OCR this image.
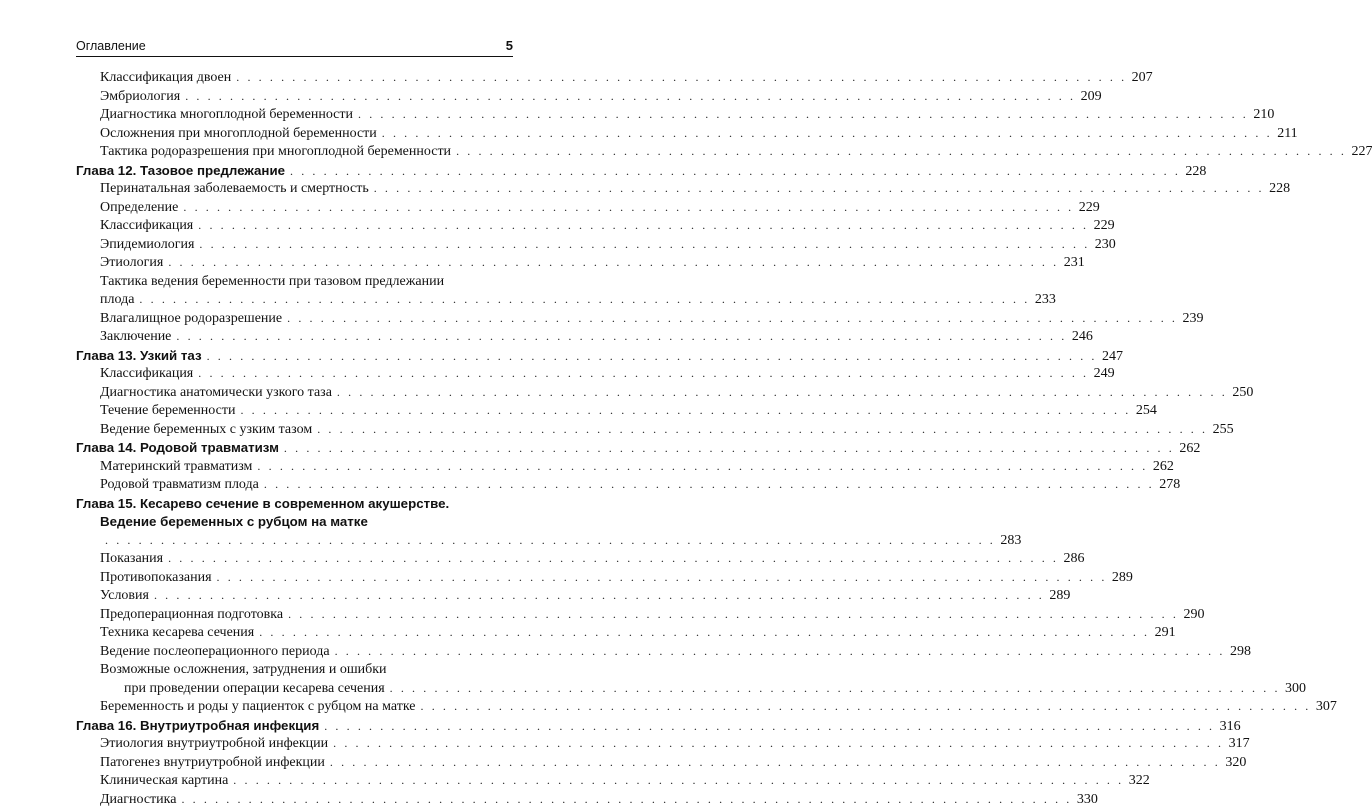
Оглавление	5
Классификация двоен . . . . . . . . . . . . . . . . . . . . . . . . . . . . . . . . . . . . . . . . . . . . . . . . . . . . . . . . . . . . . . . . . . . . . . . . . . . . . . . . 207
Эмбриология . . . . . . . . . . . . . . . . . . . . . . . . . . . . . . . . . . . . . . . . . . . . . . . . . . . . . . . . . . . . . . . . . . . . . . . . . . . . . . . . 209
Диагностика многоплодной беременности . . . . . . . . . . . . . . . . . . . . . . . . . . . . . . . . . . . . . . . . . . . . . . . . . . . . . . . . . . . . . . . . . . . . . . . . . . . . . . . . 210
Осложнения при многоплодной беременности . . . . . . . . . . . . . . . . . . . . . . . . . . . . . . . . . . . . . . . . . . . . . . . . . . . . . . . . . . . . . . . . . . . . . . . . . . . . . . . . 211
Тактика родоразрешения при многоплодной беременности . . . . . . . . . . . . . . . . . . . . . . . . . . . . . . . . . . . . . . . . . . . . . . . . . . . . . . . . . . . . . . . . . . . . . . . . . . . . . . . . 227
Глава 12. Тазовое предлежание . . . . . . . . . . . . . . . . . . . . . . . . . . . . . . . . . . . . . . . . . . . . . . . . . . . . . . . . . . . . . . . . . . . . . . . . . . . . . . . . 228
Перинатальная заболеваемость и смертность . . . . . . . . . . . . . . . . . . . . . . . . . . . . . . . . . . . . . . . . . . . . . . . . . . . . . . . . . . . . . . . . . . . . . . . . . . . . . . . . 228
Определение . . . . . . . . . . . . . . . . . . . . . . . . . . . . . . . . . . . . . . . . . . . . . . . . . . . . . . . . . . . . . . . . . . . . . . . . . . . . . . . . 229
Классификация . . . . . . . . . . . . . . . . . . . . . . . . . . . . . . . . . . . . . . . . . . . . . . . . . . . . . . . . . . . . . . . . . . . . . . . . . . . . . . . . 229
Эпидемиология . . . . . . . . . . . . . . . . . . . . . . . . . . . . . . . . . . . . . . . . . . . . . . . . . . . . . . . . . . . . . . . . . . . . . . . . . . . . . . . . 230
Этиология . . . . . . . . . . . . . . . . . . . . . . . . . . . . . . . . . . . . . . . . . . . . . . . . . . . . . . . . . . . . . . . . . . . . . . . . . . . . . . . . 231
Тактика ведения беременности при тазовом предлежании
плода . . . . . . . . . . . . . . . . . . . . . . . . . . . . . . . . . . . . . . . . . . . . . . . . . . . . . . . . . . . . . . . . . . . . . . . . . . . . . . . . 233
Влагалищное родоразрешение . . . . . . . . . . . . . . . . . . . . . . . . . . . . . . . . . . . . . . . . . . . . . . . . . . . . . . . . . . . . . . . . . . . . . . . . . . . . . . . . 239
Заключение . . . . . . . . . . . . . . . . . . . . . . . . . . . . . . . . . . . . . . . . . . . . . . . . . . . . . . . . . . . . . . . . . . . . . . . . . . . . . . . . 246
Глава 13. Узкий таз . . . . . . . . . . . . . . . . . . . . . . . . . . . . . . . . . . . . . . . . . . . . . . . . . . . . . . . . . . . . . . . . . . . . . . . . . . . . . . . . 247
Классификация . . . . . . . . . . . . . . . . . . . . . . . . . . . . . . . . . . . . . . . . . . . . . . . . . . . . . . . . . . . . . . . . . . . . . . . . . . . . . . . . 249
Диагностика анатомически узкого таза . . . . . . . . . . . . . . . . . . . . . . . . . . . . . . . . . . . . . . . . . . . . . . . . . . . . . . . . . . . . . . . . . . . . . . . . . . . . . . . . 250
Течение беременности . . . . . . . . . . . . . . . . . . . . . . . . . . . . . . . . . . . . . . . . . . . . . . . . . . . . . . . . . . . . . . . . . . . . . . . . . . . . . . . . 254
Ведение беременных с узким тазом . . . . . . . . . . . . . . . . . . . . . . . . . . . . . . . . . . . . . . . . . . . . . . . . . . . . . . . . . . . . . . . . . . . . . . . . . . . . . . . . 255
Глава 14. Родовой травматизм . . . . . . . . . . . . . . . . . . . . . . . . . . . . . . . . . . . . . . . . . . . . . . . . . . . . . . . . . . . . . . . . . . . . . . . . . . . . . . . . 262
Материнский травматизм . . . . . . . . . . . . . . . . . . . . . . . . . . . . . . . . . . . . . . . . . . . . . . . . . . . . . . . . . . . . . . . . . . . . . . . . . . . . . . . . 262
Родовой травматизм плода . . . . . . . . . . . . . . . . . . . . . . . . . . . . . . . . . . . . . . . . . . . . . . . . . . . . . . . . . . . . . . . . . . . . . . . . . . . . . . . . 278
Глава 15. Кесарево сечение в современном акушерстве.
Ведение беременных с рубцом на матке
. . . . . . . . . . . . . . . . . . . . . . . . . . . . . . . . . . . . . . . . . . . . . . . . . . . . . . . . . . . . . . . . . . . . . . . . . . . . . . . . 283
Показания . . . . . . . . . . . . . . . . . . . . . . . . . . . . . . . . . . . . . . . . . . . . . . . . . . . . . . . . . . . . . . . . . . . . . . . . . . . . . . . . 286
Противопоказания . . . . . . . . . . . . . . . . . . . . . . . . . . . . . . . . . . . . . . . . . . . . . . . . . . . . . . . . . . . . . . . . . . . . . . . . . . . . . . . . 289
Условия . . . . . . . . . . . . . . . . . . . . . . . . . . . . . . . . . . . . . . . . . . . . . . . . . . . . . . . . . . . . . . . . . . . . . . . . . . . . . . . . 289
Предоперационная подготовка . . . . . . . . . . . . . . . . . . . . . . . . . . . . . . . . . . . . . . . . . . . . . . . . . . . . . . . . . . . . . . . . . . . . . . . . . . . . . . . . 290
Техника кесарева сечения . . . . . . . . . . . . . . . . . . . . . . . . . . . . . . . . . . . . . . . . . . . . . . . . . . . . . . . . . . . . . . . . . . . . . . . . . . . . . . . . 291
Ведение послеоперационного периода . . . . . . . . . . . . . . . . . . . . . . . . . . . . . . . . . . . . . . . . . . . . . . . . . . . . . . . . . . . . . . . . . . . . . . . . . . . . . . . . 298
Возможные осложнения, затруднения и ошибки
при проведении операции кесарева сечения . . . . . . . . . . . . . . . . . . . . . . . . . . . . . . . . . . . . . . . . . . . . . . . . . . . . . . . . . . . . . . . . . . . . . . . . . . . . . . . . 300
Беременность и роды у пациенток с рубцом на матке . . . . . . . . . . . . . . . . . . . . . . . . . . . . . . . . . . . . . . . . . . . . . . . . . . . . . . . . . . . . . . . . . . . . . . . . . . . . . . . . 307
Глава 16. Внутриутробная инфекция . . . . . . . . . . . . . . . . . . . . . . . . . . . . . . . . . . . . . . . . . . . . . . . . . . . . . . . . . . . . . . . . . . . . . . . . . . . . . . . . 316
Этиология внутриутробной инфекции . . . . . . . . . . . . . . . . . . . . . . . . . . . . . . . . . . . . . . . . . . . . . . . . . . . . . . . . . . . . . . . . . . . . . . . . . . . . . . . . 317
Патогенез внутриутробной инфекции . . . . . . . . . . . . . . . . . . . . . . . . . . . . . . . . . . . . . . . . . . . . . . . . . . . . . . . . . . . . . . . . . . . . . . . . . . . . . . . . 320
Клиническая картина . . . . . . . . . . . . . . . . . . . . . . . . . . . . . . . . . . . . . . . . . . . . . . . . . . . . . . . . . . . . . . . . . . . . . . . . . . . . . . . . 322
Диагностика . . . . . . . . . . . . . . . . . . . . . . . . . . . . . . . . . . . . . . . . . . . . . . . . . . . . . . . . . . . . . . . . . . . . . . . . . . . . . . . . 330
